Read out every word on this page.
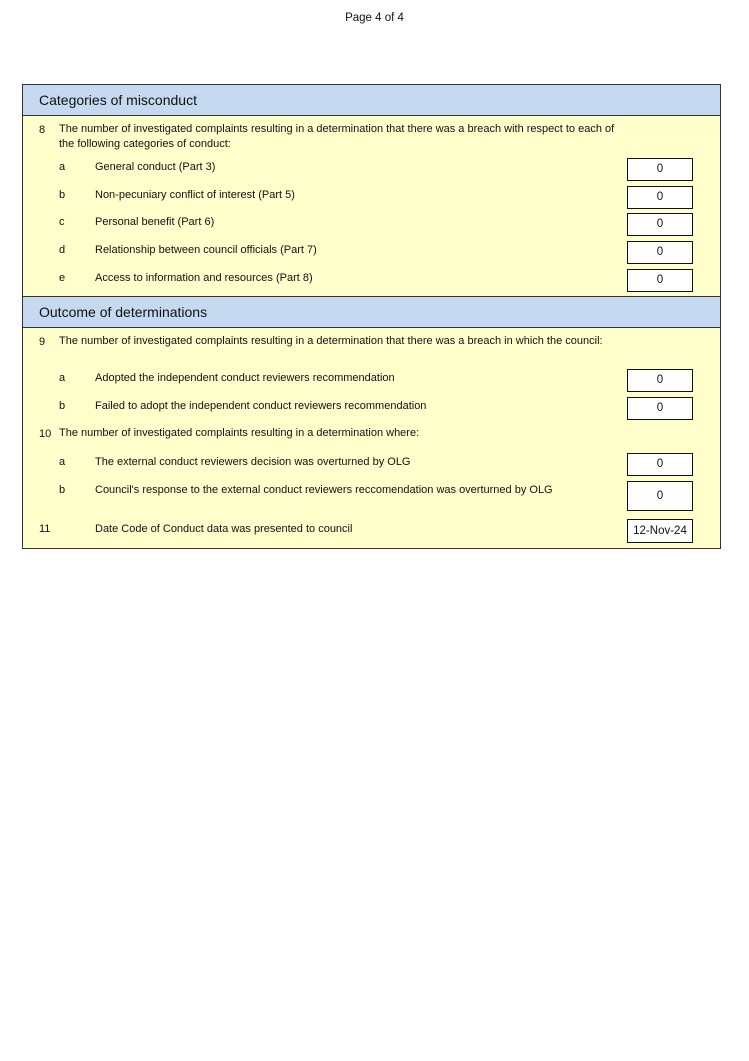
Page 4 of 4
Categories of misconduct
8 The number of investigated complaints resulting in a determination that there was a breach with respect to each of the following categories of conduct:
a	General conduct (Part 3)	0
b	Non-pecuniary conflict of interest (Part 5)	0
c	Personal benefit (Part 6)	0
d	Relationship between council officials (Part 7)	0
e	Access to information and resources (Part 8)	0
Outcome of determinations
9 The number of investigated complaints resulting in a determination that there was a breach in which the council:
a	Adopted the independent conduct reviewers recommendation	0
b	Failed to adopt the independent conduct reviewers recommendation	0
10 The number of investigated complaints resulting in a determination where:
a	The external conduct reviewers decision was overturned by OLG	0
b	Council's response to the external conduct reviewers reccomendation was overturned by OLG	0
11	Date Code of Conduct data was presented to council	12-Nov-24
